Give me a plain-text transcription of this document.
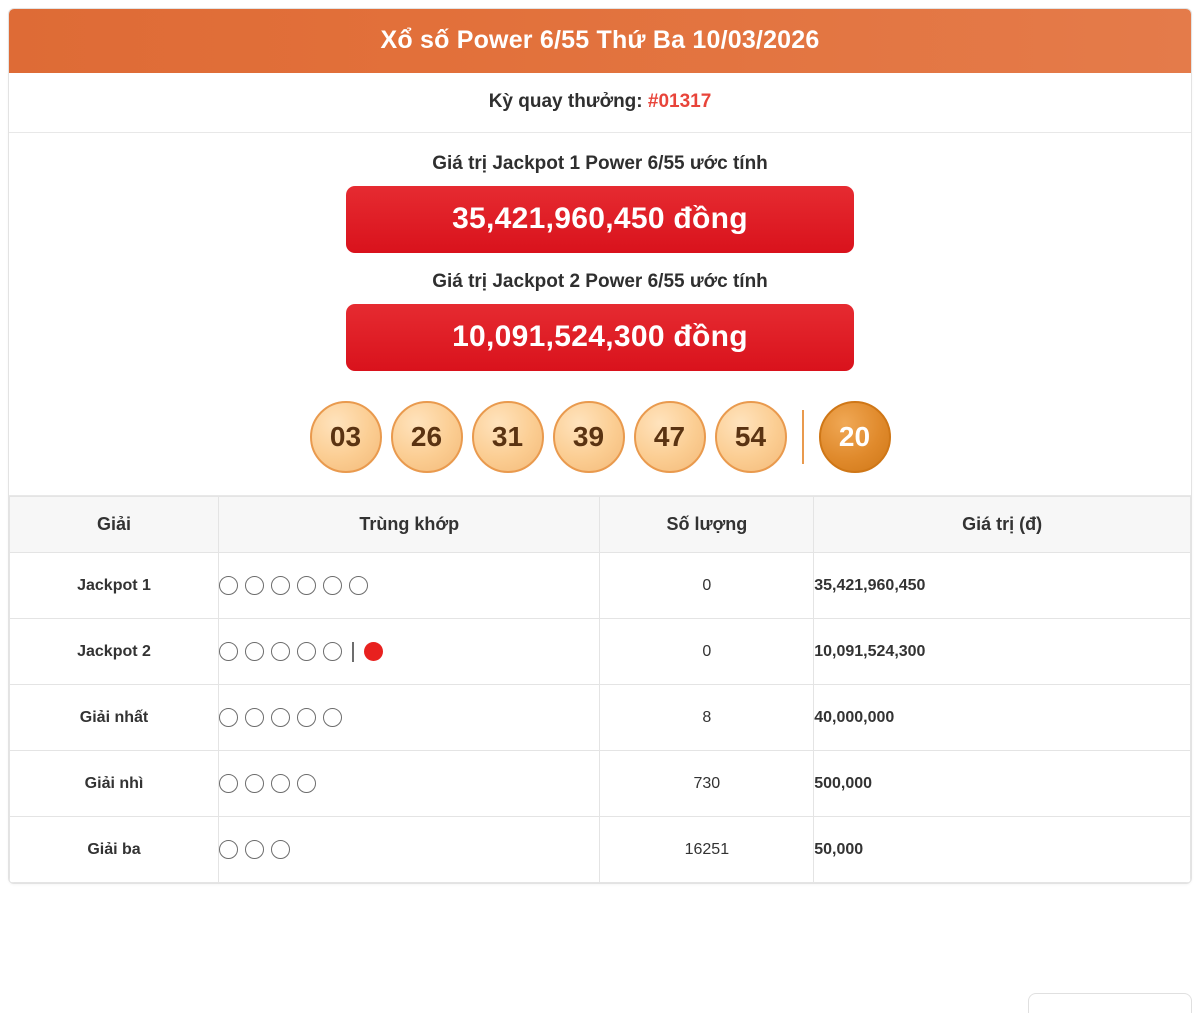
Xổ số Power 6/55 Thứ Ba 10/03/2026
Kỳ quay thưởng: #01317
Giá trị Jackpot 1 Power 6/55 ước tính
35,421,960,450 đồng
Giá trị Jackpot 2 Power 6/55 ước tính
10,091,524,300 đồng
03	26	31	39	47	54	20
Giải	Trùng khớp	Số lượng	Giá trị (đ)
Jackpot 1		0	35,421,960,450
Jackpot 2		0	10,091,524,300
Giải nhất		8	40,000,000
Giải nhì		730	500,000
Giải ba		16251	50,000
